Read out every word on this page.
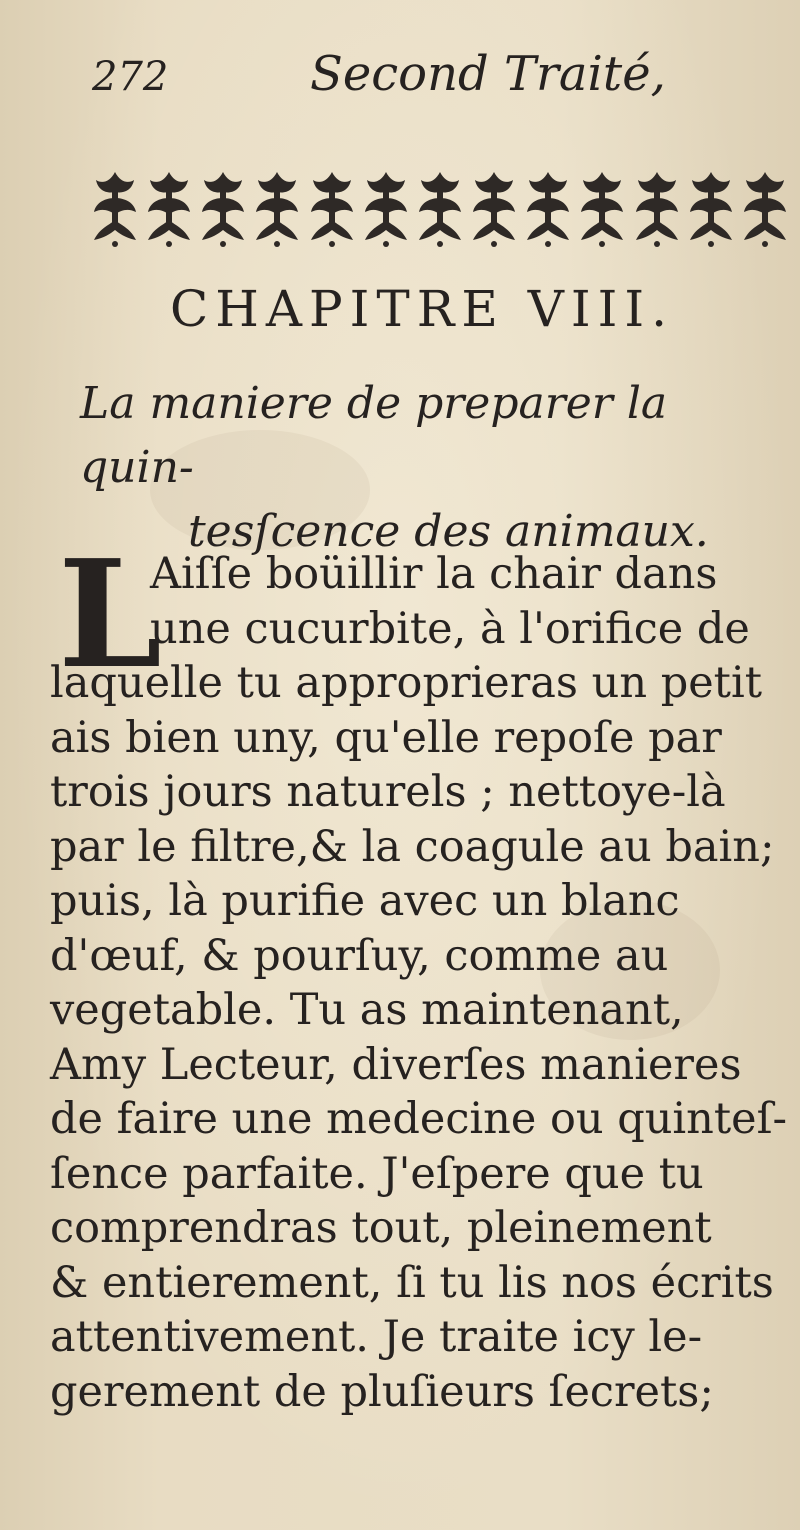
272	Second Traité,
CHAPITRE VIII.
La maniere de preparer la quin-
tesſcence des animaux.
L
Aiſſe boüillir la chair dans
une cucurbite, à l'orifice de
laquelle tu approprieras un petit
ais bien uny, qu'elle repoſe par
trois jours naturels ; nettoye-là
par le filtre,& la coagule au bain;
puis, là purifie avec un blanc
d'œuf, & pourſuy, comme au
vegetable. Tu as maintenant,
Amy Lecteur, diverſes manieres
de faire une medecine ou quinteſ-
ſence parfaite. J'eſpere que tu
comprendras tout, pleinement
& entierement, ſi tu lis nos écrits
attentivement. Je traite icy le-
gerement de pluſieurs ſecrets;
